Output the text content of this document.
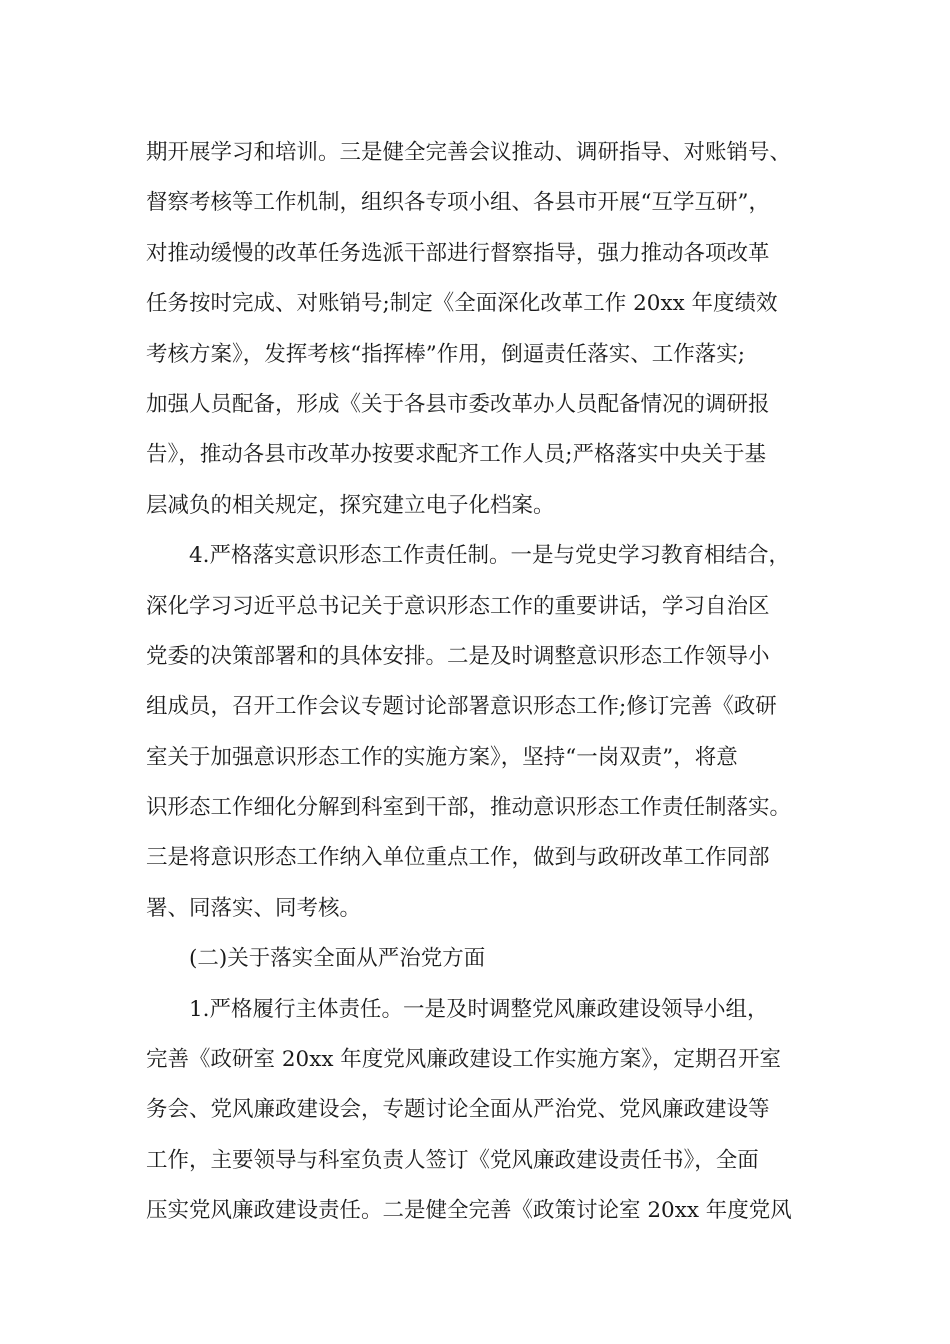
期开展学习和培训。三是健全完善会议推动、调研指导、对账销号、
督察考核等工作机制，组织各专项小组、各县市开展“互学互研”，
对推动缓慢的改革任务选派干部进行督察指导，强力推动各项改革
任务按时完成、对账销号;制定《全面深化改革工作 20xx 年度绩效
考核方案》，发挥考核“指挥棒”作用，倒逼责任落实、工作落实;
加强人员配备，形成《关于各县市委改革办人员配备情况的调研报
告》，推动各县市改革办按要求配齐工作人员;严格落实中央关于基
层减负的相关规定，探究建立电子化档案。
4.严格落实意识形态工作责任制。一是与党史学习教育相结合，
深化学习习近平总书记关于意识形态工作的重要讲话，学习自治区
党委的决策部署和的具体安排。二是及时调整意识形态工作领导小
组成员，召开工作会议专题讨论部署意识形态工作;修订完善《政研
室关于加强意识形态工作的实施方案》，坚持“一岗双责”，将意
识形态工作细化分解到科室到干部，推动意识形态工作责任制落实。
三是将意识形态工作纳入单位重点工作，做到与政研改革工作同部
署、同落实、同考核。
(二)关于落实全面从严治党方面
1.严格履行主体责任。一是及时调整党风廉政建设领导小组，
完善《政研室 20xx 年度党风廉政建设工作实施方案》，定期召开室
务会、党风廉政建设会，专题讨论全面从严治党、党风廉政建设等
工作，主要领导与科室负责人签订《党风廉政建设责任书》，全面
压实党风廉政建设责任。二是健全完善《政策讨论室 20xx 年度党风
